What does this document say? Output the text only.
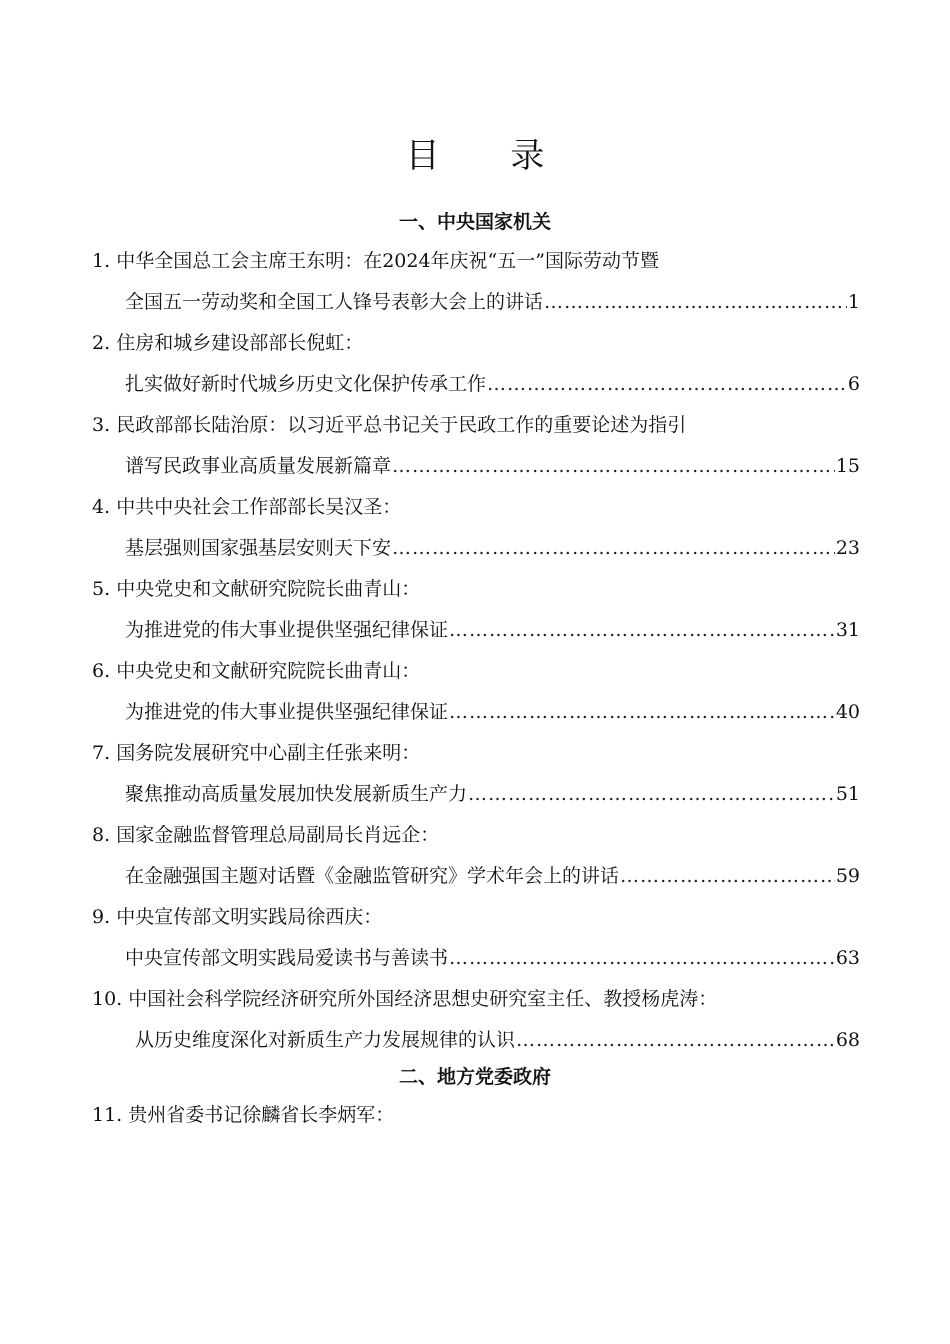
目 录
一、中央国家机关
1. 中华全国总工会主席王东明：在2024年庆祝“五一”国际劳动节暨
全国五一劳动奖和全国工人锋号表彰大会上的讲话 …………………………………………………………………………………………………………………………………………	1
2. 住房和城乡建设部部长倪虹：
扎实做好新时代城乡历史文化保护传承工作 …………………………………………………………………………………………………………………………………………	6
3. 民政部部长陆治原：以习近平总书记关于民政工作的重要论述为指引
谱写民政事业高质量发展新篇章 …………………………………………………………………………………………………………………………………………	15
4. 中共中央社会工作部部长吴汉圣：
基层强则国家强基层安则天下安 …………………………………………………………………………………………………………………………………………	23
5. 中央党史和文献研究院院长曲青山：
为推进党的伟大事业提供坚强纪律保证 …………………………………………………………………………………………………………………………………………	31
6. 中央党史和文献研究院院长曲青山：
为推进党的伟大事业提供坚强纪律保证 …………………………………………………………………………………………………………………………………………	40
7. 国务院发展研究中心副主任张来明：
聚焦推动高质量发展加快发展新质生产力 …………………………………………………………………………………………………………………………………………	51
8. 国家金融监督管理总局副局长肖远企：
在金融强国主题对话暨《金融监管研究》学术年会上的讲话 …………………………………………………………………………………………………………………………………………	59
9. 中央宣传部文明实践局徐西庆：
中央宣传部文明实践局爱读书与善读书 …………………………………………………………………………………………………………………………………………	63
10. 中国社会科学院经济研究所外国经济思想史研究室主任、教授杨虎涛：
从历史维度深化对新质生产力发展规律的认识 …………………………………………………………………………………………………………………………………………	68
二、地方党委政府
11. 贵州省委书记徐麟省长李炳军：
